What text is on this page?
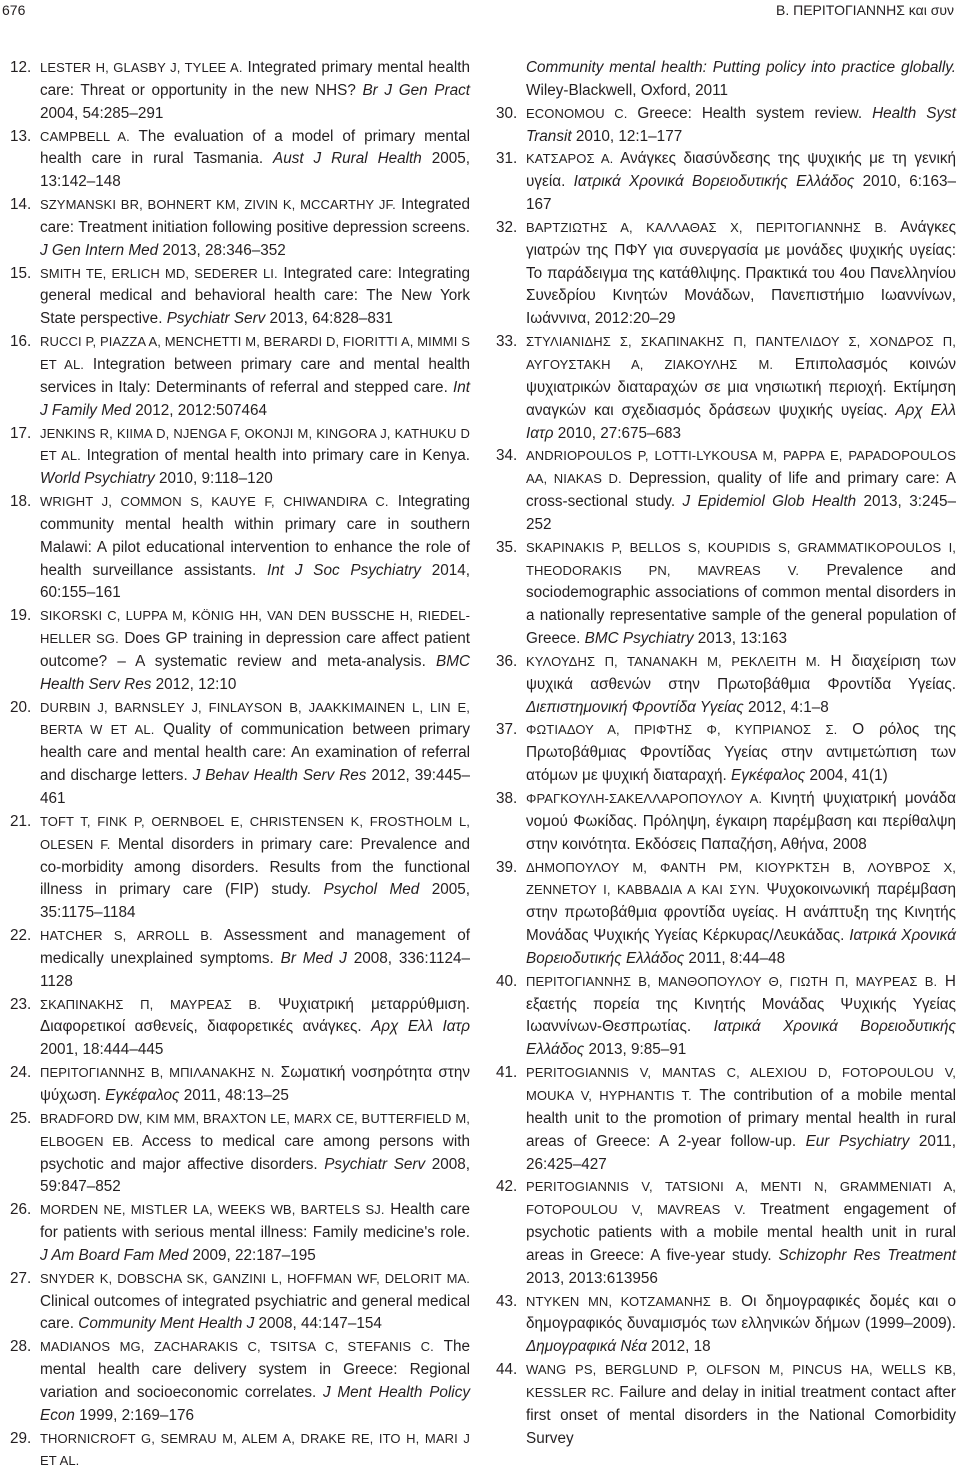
676	Β. ΠΕΡΙΤΟΓΙΑΝΝΗΣ και συν
12. LESTER H, GLASBY J, TYLEE A. Integrated primary mental health care: Threat or opportunity in the new NHS? Br J Gen Pract 2004, 54:285–291
13. CAMPBELL A. The evaluation of a model of primary mental health care in rural Tasmania. Aust J Rural Health 2005, 13:142–148
14. SZYMANSKI BR, BOHNERT KM, ZIVIN K, MCCARTHY JF. Integrated care: Treatment initiation following positive depression screens. J Gen Intern Med 2013, 28:346–352
15. SMITH TE, ERLICH MD, SEDERER LI. Integrated care: Integrating general medical and behavioral health care: The New York State perspective. Psychiatr Serv 2013, 64:828–831
16. RUCCI P, PIAZZA A, MENCHETTI M, BERARDI D, FIORITTI A, MIMMI S ET AL. Integration between primary care and mental health services in Italy: Determinants of referral and stepped care. Int J Family Med 2012, 2012:507464
17. JENKINS R, KIIMA D, NJENGA F, OKONJI M, KINGORA J, KATHUKU D ET AL. Integration of mental health into primary care in Kenya. World Psychiatry 2010, 9:118–120
18. WRIGHT J, COMMON S, KAUYE F, CHIWANDIRA C. Integrating community mental health within primary care in southern Malawi: A pilot educational intervention to enhance the role of health surveillance assistants. Int J Soc Psychiatry 2014, 60:155–161
19. SIKORSKI C, LUPPA M, KÖNIG HH, VAN DEN BUSSCHE H, RIEDEL-HELLER SG. Does GP training in depression care affect patient outcome? – A systematic review and meta-analysis. BMC Health Serv Res 2012, 12:10
20. DURBIN J, BARNSLEY J, FINLAYSON B, JAAKKIMAINEN L, LIN E, BERTA W ET AL. Quality of communication between primary health care and mental health care: An examination of referral and discharge letters. J Behav Health Serv Res 2012, 39:445–461
21. TOFT T, FINK P, OERNBOEL E, CHRISTENSEN K, FROSTHOLM L, OLESEN F. Mental disorders in primary care: Prevalence and co-morbidity among disorders. Results from the functional illness in primary care (FIP) study. Psychol Med 2005, 35:1175–1184
22. HATCHER S, ARROLL B. Assessment and management of medically unexplained symptoms. Br Med J 2008, 336:1124–1128
23. ΣΚΑΠΙΝΑΚΗΣ Π, ΜΑΥΡΕΑΣ Β. Ψυχιατρική μεταρρύθμιση. Διαφορετικοί ασθενείς, διαφορετικές ανάγκες. Αρχ Ελλ Ιατρ 2001, 18:444–445
24. ΠΕΡΙΤΟΓΙΑΝΝΗΣ Β, ΜΠΙΛΑΝΑΚΗΣ Ν. Σωματική νοσηρότητα στην ψύχωση. Εγκέφαλος 2011, 48:13–25
25. BRADFORD DW, KIM MM, BRAXTON LE, MARX CE, BUTTERFIELD M, ELBOGEN EB. Access to medical care among persons with psychotic and major affective disorders. Psychiatr Serv 2008, 59:847–852
26. MORDEN NE, MISTLER LA, WEEKS WB, BARTELS SJ. Health care for patients with serious mental illness: Family medicine's role. J Am Board Fam Med 2009, 22:187–195
27. SNYDER K, DOBSCHA SK, GANZINI L, HOFFMAN WF, DELORIT MA. Clinical outcomes of integrated psychiatric and general medical care. Community Ment Health J 2008, 44:147–154
28. MADIANOS MG, ZACHARAKIS C, TSITSA C, STEFANIS C. The mental health care delivery system in Greece: Regional variation and socioeconomic correlates. J Ment Health Policy Econ 1999, 2:169–176
29. THORNICROFT G, SEMRAU M, ALEM A, DRAKE RE, ITO H, MARI J ET AL.
Community mental health: Putting policy into practice globally. Wiley-Blackwell, Oxford, 2011
30. ECONOMOU C. Greece: Health system review. Health Syst Transit 2010, 12:1–177
31. ΚΑΤΣΑΡΟΣ Α. Ανάγκες διασύνδεσης της ψυχικής με τη γενική υγεία. Ιατρικά Χρονικά Βορειοδυτικής Ελλάδος 2010, 6:163–167
32. ΒΑΡΤΖΙΩΤΗΣ Α, ΚΑΛΛΑΘΑΣ Χ, ΠΕΡΙΤΟΓΙΑΝΝΗΣ Β. Ανάγκες γιατρών της ΠΦΥ για συνεργασία με μονάδες ψυχικής υγείας: Το παράδειγμα της κατάθλιψης. Πρακτικά του 4ου Πανελληνίου Συνεδρίου Κινητών Μονάδων, Πανεπιστήμιο Ιωαννίνων, Ιωάννινα, 2012:20–29
33. ΣΤΥΛΙΑΝΙΔΗΣ Σ, ΣΚΑΠΙΝΑΚΗΣ Π, ΠΑΝΤΕΛΙΔΟΥ Σ, ΧΟΝΔΡΟΣ Π, ΑΥΓΟΥΣΤΑΚΗ Α, ΖΙΑΚΟΥΛΗΣ Μ. Επιπολασμός κοινών ψυχιατρικών διαταραχών σε μια νησιωτική περιοχή. Εκτίμηση αναγκών και σχεδιασμός δράσεων ψυχικής υγείας. Αρχ Ελλ Ιατρ 2010, 27:675–683
34. ANDRIOPOULOS P, LOTTI-LYKOUSA M, PAPPA E, PAPADOPOULOS AA, NIAKAS D. Depression, quality of life and primary care: A cross-sectional study. J Epidemiol Glob Health 2013, 3:245–252
35. SKAPINAKIS P, BELLOS S, KOUPIDIS S, GRAMMATIKOPOULOS I, THEODORAKIS PN, MAVREAS V. Prevalence and sociodemographic associations of common mental disorders in a nationally representative sample of the general population of Greece. BMC Psychiatry 2013, 13:163
36. ΚΥΛΟΥΔΗΣ Π, ΤΑΝΑΝΑΚΗ Μ, ΡΕΚΛΕΙΤΗ Μ. Η διαχείριση των ψυχικά ασθενών στην Πρωτοβάθμια Φροντίδα Υγείας. Διεπιστημονική Φροντίδα Υγείας 2012, 4:1–8
37. ΦΩΤΙΑΔΟΥ Α, ΠΡΙΦΤΗΣ Φ, ΚΥΠΡΙΑΝΟΣ Σ. Ο ρόλος της Πρωτοβάθμιας Φροντίδας Υγείας στην αντιμετώπιση των ατόμων με ψυχική διαταραχή. Εγκέφαλος 2004, 41(1)
38. ΦΡΑΓΚΟΥΛΗ-ΣΑΚΕΛΛΑΡΟΠΟΥΛΟΥ Α. Κινητή ψυχιατρική μονάδα νομού Φωκίδας. Πρόληψη, έγκαιρη παρέμβαση και περίθαλψη στην κοινότητα. Εκδόσεις Παπαζήση, Αθήνα, 2008
39. ΔΗΜΟΠΟΥΛΟΥ Μ, ΦΑΝΤΗ ΡΜ, ΚΙΟΥΡΚΤΣΗ Β, ΛΟΥΒΡΟΣ Χ, ΖΕΝΝΕΤΟΥ Ι, ΚΑΒΒΑΔΙΑ Α ΚΑΙ ΣΥΝ. Ψυχοκοινωνική παρέμβαση στην πρωτοβάθμια φροντίδα υγείας. Η ανάπτυξη της Κινητής Μονάδας Ψυχικής Υγείας Κέρκυρας/Λευκάδας. Ιατρικά Χρονικά Βορειοδυτικής Ελλάδος 2011, 8:44–48
40. ΠΕΡΙΤΟΓΙΑΝΝΗΣ Β, ΜΑΝΘΟΠΟΥΛΟΥ Θ, ΓΙΩΤΗ Π, ΜΑΥΡΕΑΣ Β. Η εξαετής πορεία της Κινητής Μονάδας Ψυχικής Υγείας Ιωαννίνων-Θεσπρωτίας. Ιατρικά Χρονικά Βορειοδυτικής Ελλάδος 2013, 9:85–91
41. PERITOGIANNIS V, MANTAS C, ALEXIOU D, FOTOPOULOU V, MOUKA V, HYPHANTIS T. The contribution of a mobile mental health unit to the promotion of primary mental health in rural areas of Greece: A 2-year follow-up. Eur Psychiatry 2011, 26:425–427
42. PERITOGIANNIS V, TATSIONI A, MENTI N, GRAMMENIATI A, FOTOPOULOU V, MAVREAS V. Treatment engagement of psychotic patients with a mobile mental health unit in rural areas in Greece: A five-year study. Schizophr Res Treatment 2013, 2013:613956
43. ΝΤΥΚΕΝ ΜΝ, ΚΟΤΖΑΜΑΝΗΣ Β. Οι δημογραφικές δομές και ο δημογραφικός δυναμισμός των ελληνικών δήμων (1999–2009). Δημογραφικά Νέα 2012, 18
44. WANG PS, BERGLUND P, OLFSON M, PINCUS HA, WELLS KB, KESSLER RC. Failure and delay in initial treatment contact after first onset of mental disorders in the National Comorbidity Survey
